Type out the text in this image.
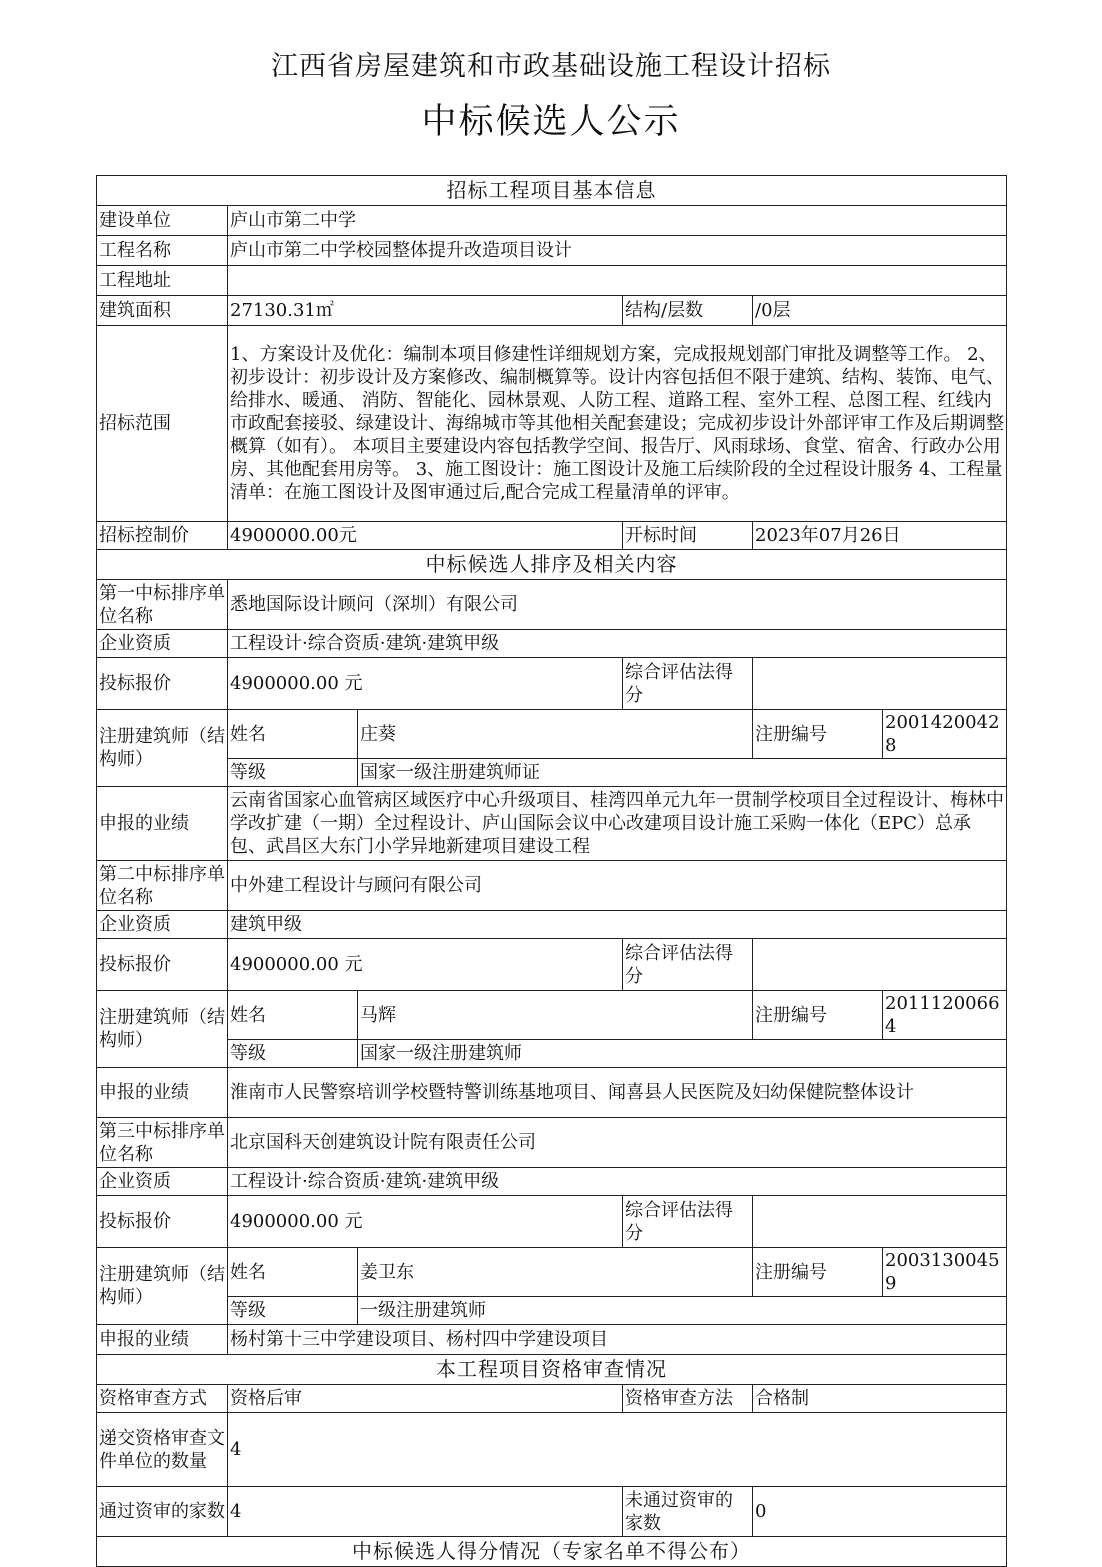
江西省房屋建筑和市政基础设施工程设计招标
中标候选人公示
招标工程项目基本信息					
建设单位	庐山市第二中学				
工程名称	庐山市第二中学校园整体提升改造项目设计				
工程地址					
建筑面积	27130.31㎡		结构/层数	/0层	
招标范围	1、方案设计及优化：编制本项目修建性详细规划方案，完成报规划部门审批及调整等工作。 2、初步设计：初步设计及方案修改、编制概算等。设计内容包括但不限于建筑、结构、装饰、电气、给排水、暖通、 消防、智能化、园林景观、人防工程、道路工程、室外工程、总图工程、红线内市政配套接驳、绿建设计、海绵城市等其他相关配套建设；完成初步设计外部评审工作及后期调整概算（如有）。 本项目主要建设内容包括教学空间、报告厅、风雨球场、食堂、宿舍、行政办公用房、其他配套用房等。 3、施工图设计：施工图设计及施工后续阶段的全过程设计服务 4、工程量清单：在施工图设计及图审通过后,配合完成工程量清单的评审。				
招标控制价	4900000.00元		开标时间	2023年07月26日	
中标候选人排序及相关内容					
第一中标排序单位名称	悉地国际设计顾问（深圳）有限公司				
企业资质	工程设计·综合资质·建筑·建筑甲级				
投标报价	4900000.00 元		综合评估法得分		
注册建筑师（结构师）	姓名	庄葵		注册编号	20014200428
	等级	国家一级注册建筑师证			
申报的业绩	云南省国家心血管病区域医疗中心升级项目、桂湾四单元九年一贯制学校项目全过程设计、梅林中学改扩建（一期）全过程设计、庐山国际会议中心改建项目设计施工采购一体化（EPC）总承包、武昌区大东门小学异地新建项目建设工程				
第二中标排序单位名称	中外建工程设计与顾问有限公司				
企业资质	建筑甲级				
投标报价	4900000.00 元		综合评估法得分		
注册建筑师（结构师）	姓名	马辉		注册编号	20111200664
	等级	国家一级注册建筑师			
申报的业绩	淮南市人民警察培训学校暨特警训练基地项目、闻喜县人民医院及妇幼保健院整体设计				
第三中标排序单位名称	北京国科天创建筑设计院有限责任公司				
企业资质	工程设计·综合资质·建筑·建筑甲级				
投标报价	4900000.00 元		综合评估法得分		
注册建筑师（结构师）	姓名	姜卫东		注册编号	20031300459
	等级	一级注册建筑师			
申报的业绩	杨村第十三中学建设项目、杨村四中学建设项目				
本工程项目资格审查情况					
资格审查方式	资格后审		资格审查方法	合格制	
递交资格审查文件单位的数量	4				
通过资审的家数	4		未通过资审的家数	0	
中标候选人得分情况（专家名单不得公布）					
